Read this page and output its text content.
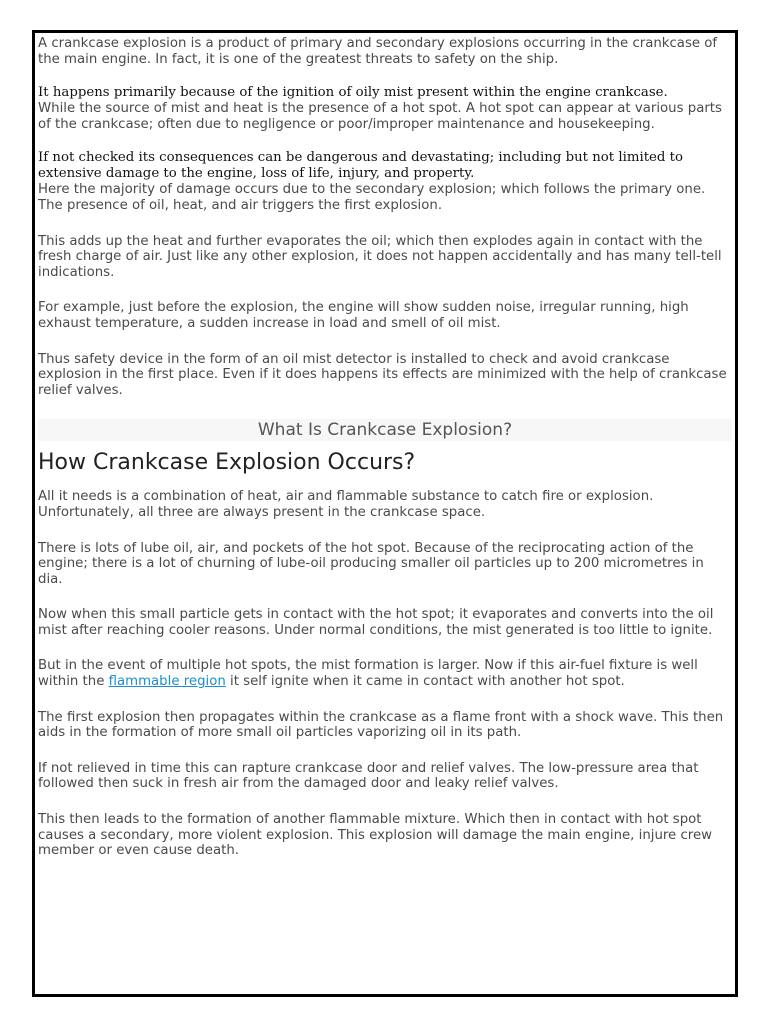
A crankcase explosion is a product of primary and secondary explosions occurring in the crankcase of the main engine. In fact, it is one of the greatest threats to safety on the ship.

It happens primarily because of the ignition of oily mist present within the engine crankcase.

While the source of mist and heat is the presence of a hot spot. A hot spot can appear at various parts of the crankcase; often due to negligence or poor/improper maintenance and housekeeping.

If not checked its consequences can be dangerous and devastating; including but not limited to extensive damage to the engine, loss of life, injury, and property.

Here the majority of damage occurs due to the secondary explosion; which follows the primary one. The presence of oil, heat, and air triggers the first explosion.

This adds up the heat and further evaporates the oil; which then explodes again in contact with the fresh charge of air. Just like any other explosion, it does not happen accidentally and has many tell-tell indications.

For example, just before the explosion, the engine will show sudden noise, irregular running, high exhaust temperature, a sudden increase in load and smell of oil mist.

Thus safety device in the form of an oil mist detector is installed to check and avoid crankcase explosion in the first place. Even if it does happens its effects are minimized with the help of crankcase relief valves.

What Is Crankcase Explosion?

How Crankcase Explosion Occurs?

All it needs is a combination of heat, air and flammable substance to catch fire or explosion. Unfortunately, all three are always present in the crankcase space.

There is lots of lube oil, air, and pockets of the hot spot. Because of the reciprocating action of the engine; there is a lot of churning of lube-oil producing smaller oil particles up to 200 micrometres in dia.

Now when this small particle gets in contact with the hot spot; it evaporates and converts into the oil mist after reaching cooler reasons. Under normal conditions, the mist generated is too little to ignite.

But in the event of multiple hot spots, the mist formation is larger. Now if this air-fuel fixture is well within the flammable region it self ignite when it came in contact with another hot spot.

The first explosion then propagates within the crankcase as a flame front with a shock wave. This then aids in the formation of more small oil particles vaporizing oil in its path.

If not relieved in time this can rapture crankcase door and relief valves. The low-pressure area that followed then suck in fresh air from the damaged door and leaky relief valves.

This then leads to the formation of another flammable mixture. Which then in contact with hot spot causes a secondary, more violent explosion. This explosion will damage the main engine, injure crew member or even cause death.
